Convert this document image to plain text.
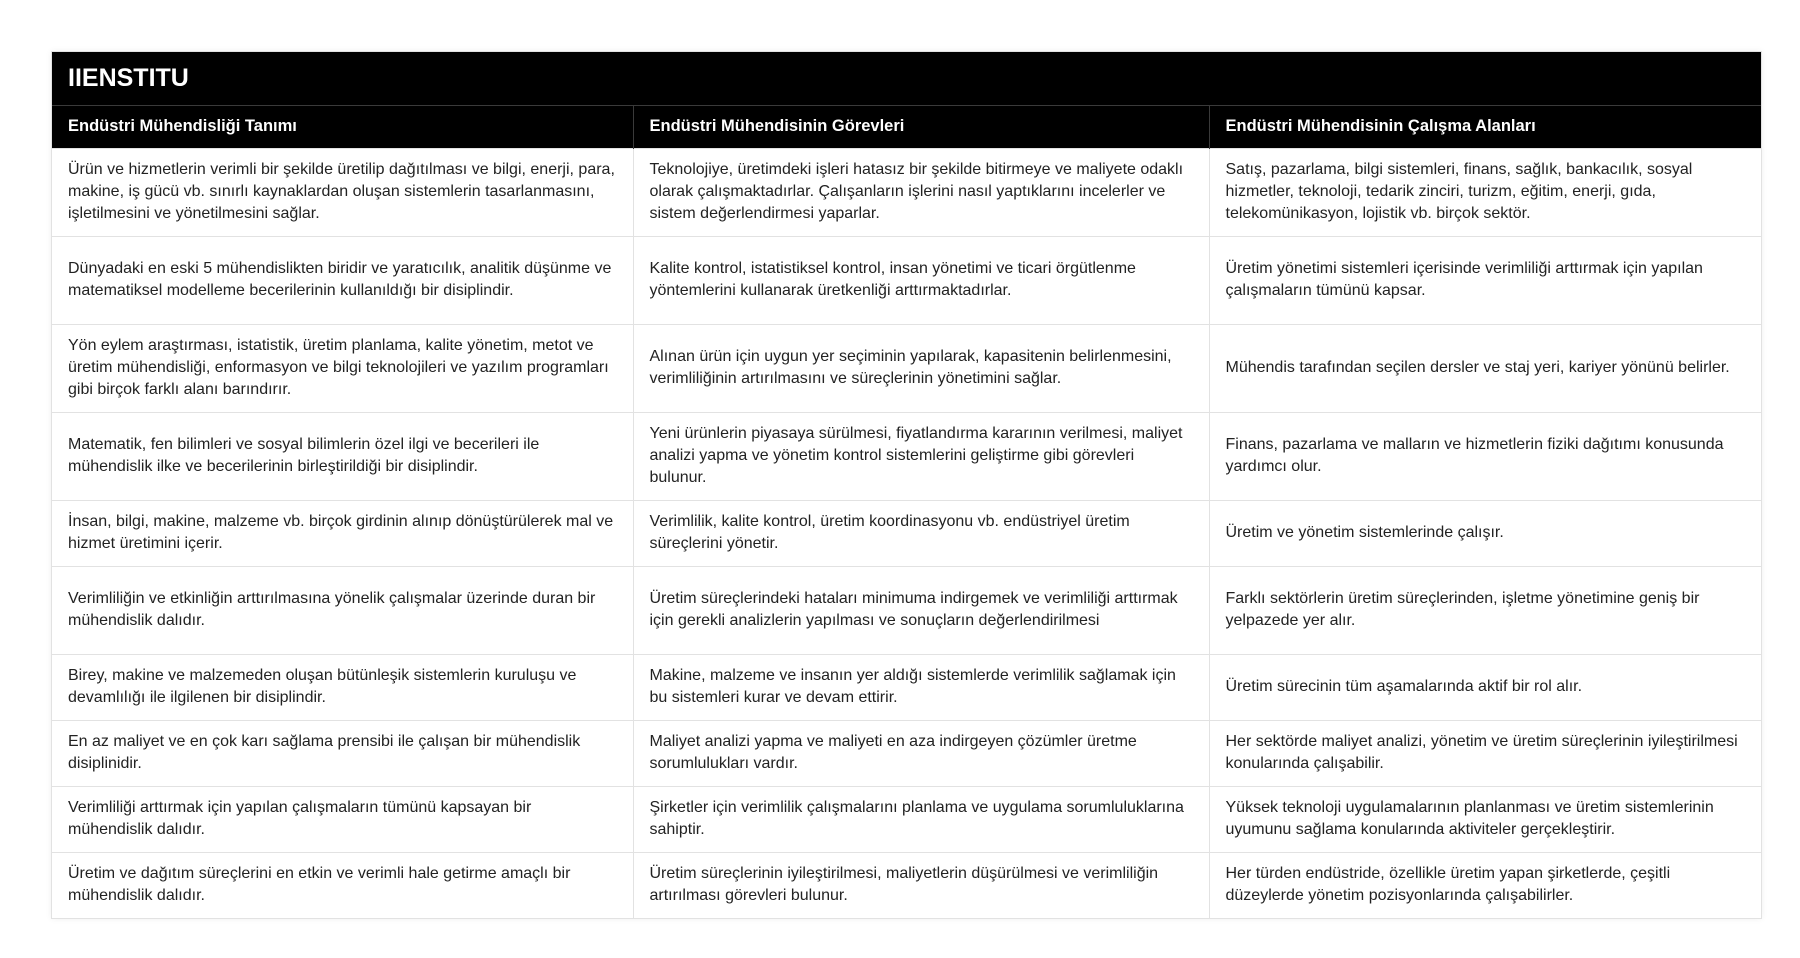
IIENSTITU
Endüstri Mühendisliği Tanımı	Endüstri Mühendisinin Görevleri	Endüstri Mühendisinin Çalışma Alanları
Ürün ve hizmetlerin verimli bir şekilde üretilip dağıtılması ve bilgi, enerji, para, makine, iş gücü vb. sınırlı kaynaklardan oluşan sistemlerin tasarlanmasını, işletilmesini ve yönetilmesini sağlar.	Teknolojiye, üretimdeki işleri hatasız bir şekilde bitirmeye ve maliyete odaklı olarak çalışmaktadırlar. Çalışanların işlerini nasıl yaptıklarını incelerler ve sistem değerlendirmesi yaparlar.	Satış, pazarlama, bilgi sistemleri, finans, sağlık, bankacılık, sosyal hizmetler, teknoloji, tedarik zinciri, turizm, eğitim, enerji, gıda, telekomünikasyon, lojistik vb. birçok sektör.
Dünyadaki en eski 5 mühendislikten biridir ve yaratıcılık, analitik düşünme ve matematiksel modelleme becerilerinin kullanıldığı bir disiplindir.	Kalite kontrol, istatistiksel kontrol, insan yönetimi ve ticari örgütlenme yöntemlerini kullanarak üretkenliği arttırmaktadırlar.	Üretim yönetimi sistemleri içerisinde verimliliği arttırmak için yapılan çalışmaların tümünü kapsar.
Yön eylem araştırması, istatistik, üretim planlama, kalite yönetim, metot ve üretim mühendisliği, enformasyon ve bilgi teknolojileri ve yazılım programları gibi birçok farklı alanı barındırır.	Alınan ürün için uygun yer seçiminin yapılarak, kapasitenin belirlenmesini, verimliliğinin artırılmasını ve süreçlerinin yönetimini sağlar.	Mühendis tarafından seçilen dersler ve staj yeri, kariyer yönünü belirler.
Matematik, fen bilimleri ve sosyal bilimlerin özel ilgi ve becerileri ile mühendislik ilke ve becerilerinin birleştirildiği bir disiplindir.	Yeni ürünlerin piyasaya sürülmesi, fiyatlandırma kararının verilmesi, maliyet analizi yapma ve yönetim kontrol sistemlerini geliştirme gibi görevleri bulunur.	Finans, pazarlama ve malların ve hizmetlerin fiziki dağıtımı konusunda yardımcı olur.
İnsan, bilgi, makine, malzeme vb. birçok girdinin alınıp dönüştürülerek mal ve hizmet üretimini içerir.	Verimlilik, kalite kontrol, üretim koordinasyonu vb. endüstriyel üretim süreçlerini yönetir.	Üretim ve yönetim sistemlerinde çalışır.
Verimliliğin ve etkinliğin arttırılmasına yönelik çalışmalar üzerinde duran bir mühendislik dalıdır.	Üretim süreçlerindeki hataları minimuma indirgemek ve verimliliği arttırmak için gerekli analizlerin yapılması ve sonuçların değerlendirilmesi	Farklı sektörlerin üretim süreçlerinden, işletme yönetimine geniş bir yelpazede yer alır.
Birey, makine ve malzemeden oluşan bütünleşik sistemlerin kuruluşu ve devamlılığı ile ilgilenen bir disiplindir.	Makine, malzeme ve insanın yer aldığı sistemlerde verimlilik sağlamak için bu sistemleri kurar ve devam ettirir.	Üretim sürecinin tüm aşamalarında aktif bir rol alır.
En az maliyet ve en çok karı sağlama prensibi ile çalışan bir mühendislik disiplinidir.	Maliyet analizi yapma ve maliyeti en aza indirgeyen çözümler üretme sorumlulukları vardır.	Her sektörde maliyet analizi, yönetim ve üretim süreçlerinin iyileştirilmesi konularında çalışabilir.
Verimliliği arttırmak için yapılan çalışmaların tümünü kapsayan bir mühendislik dalıdır.	Şirketler için verimlilik çalışmalarını planlama ve uygulama sorumluluklarına sahiptir.	Yüksek teknoloji uygulamalarının planlanması ve üretim sistemlerinin uyumunu sağlama konularında aktiviteler gerçekleştirir.
Üretim ve dağıtım süreçlerini en etkin ve verimli hale getirme amaçlı bir mühendislik dalıdır.	Üretim süreçlerinin iyileştirilmesi, maliyetlerin düşürülmesi ve verimliliğin artırılması görevleri bulunur.	Her türden endüstride, özellikle üretim yapan şirketlerde, çeşitli düzeylerde yönetim pozisyonlarında çalışabilirler.
